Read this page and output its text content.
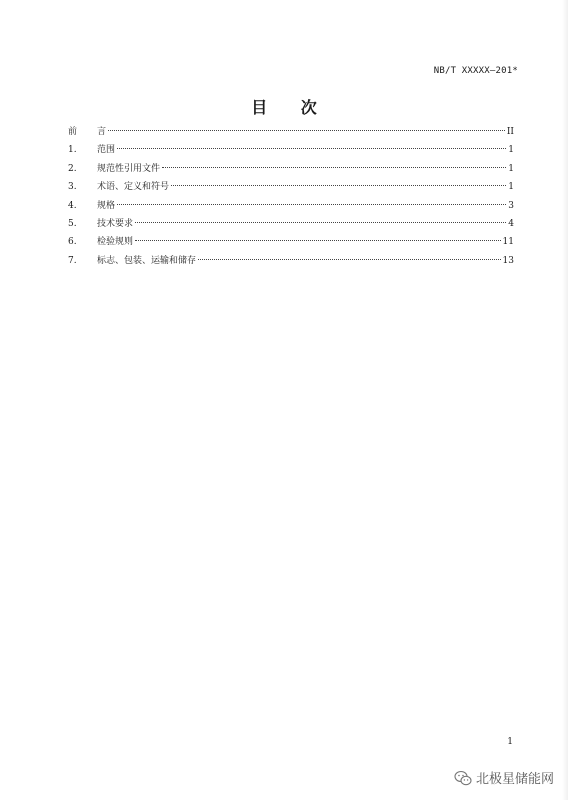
NB/T XXXXX—201*
目 次
前 言	II
1.	范围	1
2.	规范性引用文件	1
3.	术语、定义和符号	1
4.	规格	3
5.	技术要求	4
6.	检验规则	11
7.	标志、包装、运输和储存	13
1
北极星储能网
